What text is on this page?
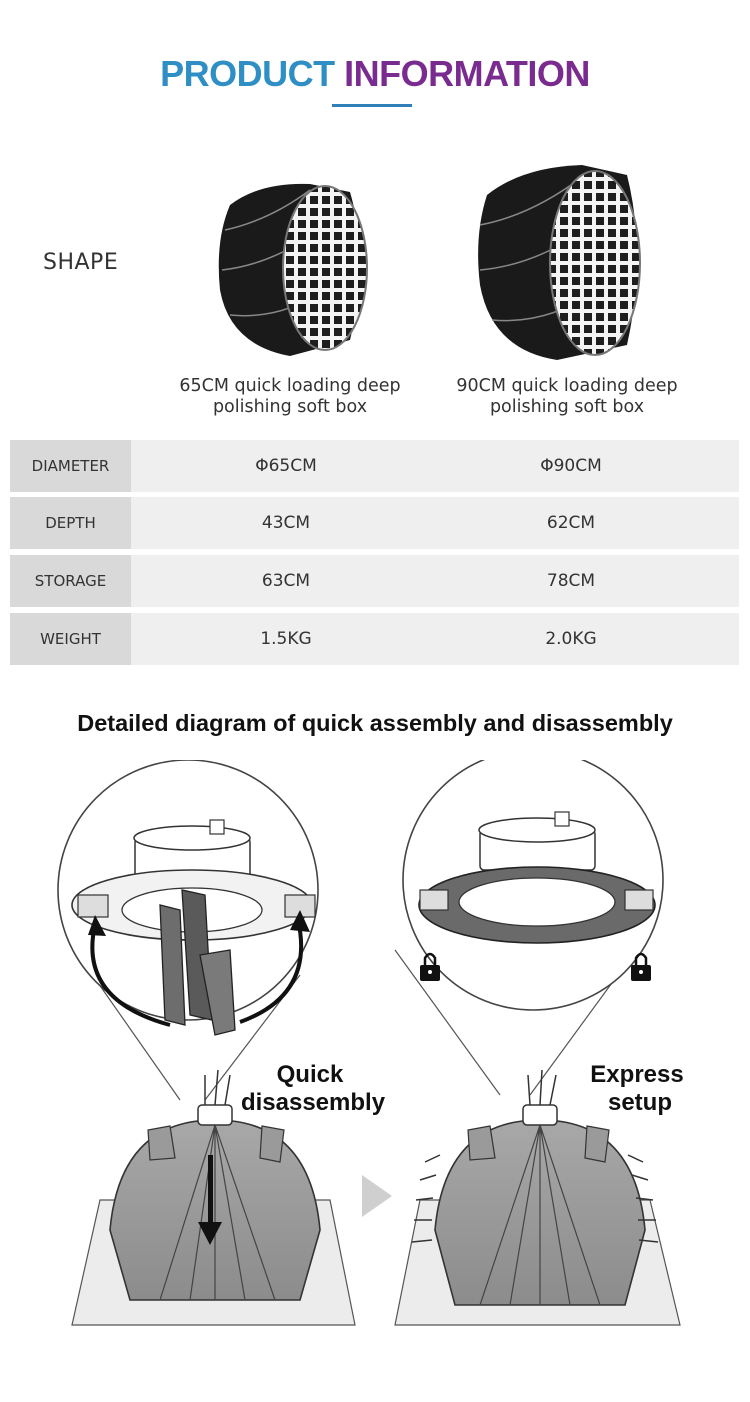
PRODUCT INFORMATION
SHAPE
65CM quick loading deep
polishing soft box
90CM quick loading deep
polishing soft box
DIAMETER	Φ65CM	Φ90CM
DEPTH	43CM	62CM
STORAGE	63CM	78CM
WEIGHT	1.5KG	2.0KG
Detailed diagram of quick assembly and disassembly
Quick
disassembly
Express
setup
